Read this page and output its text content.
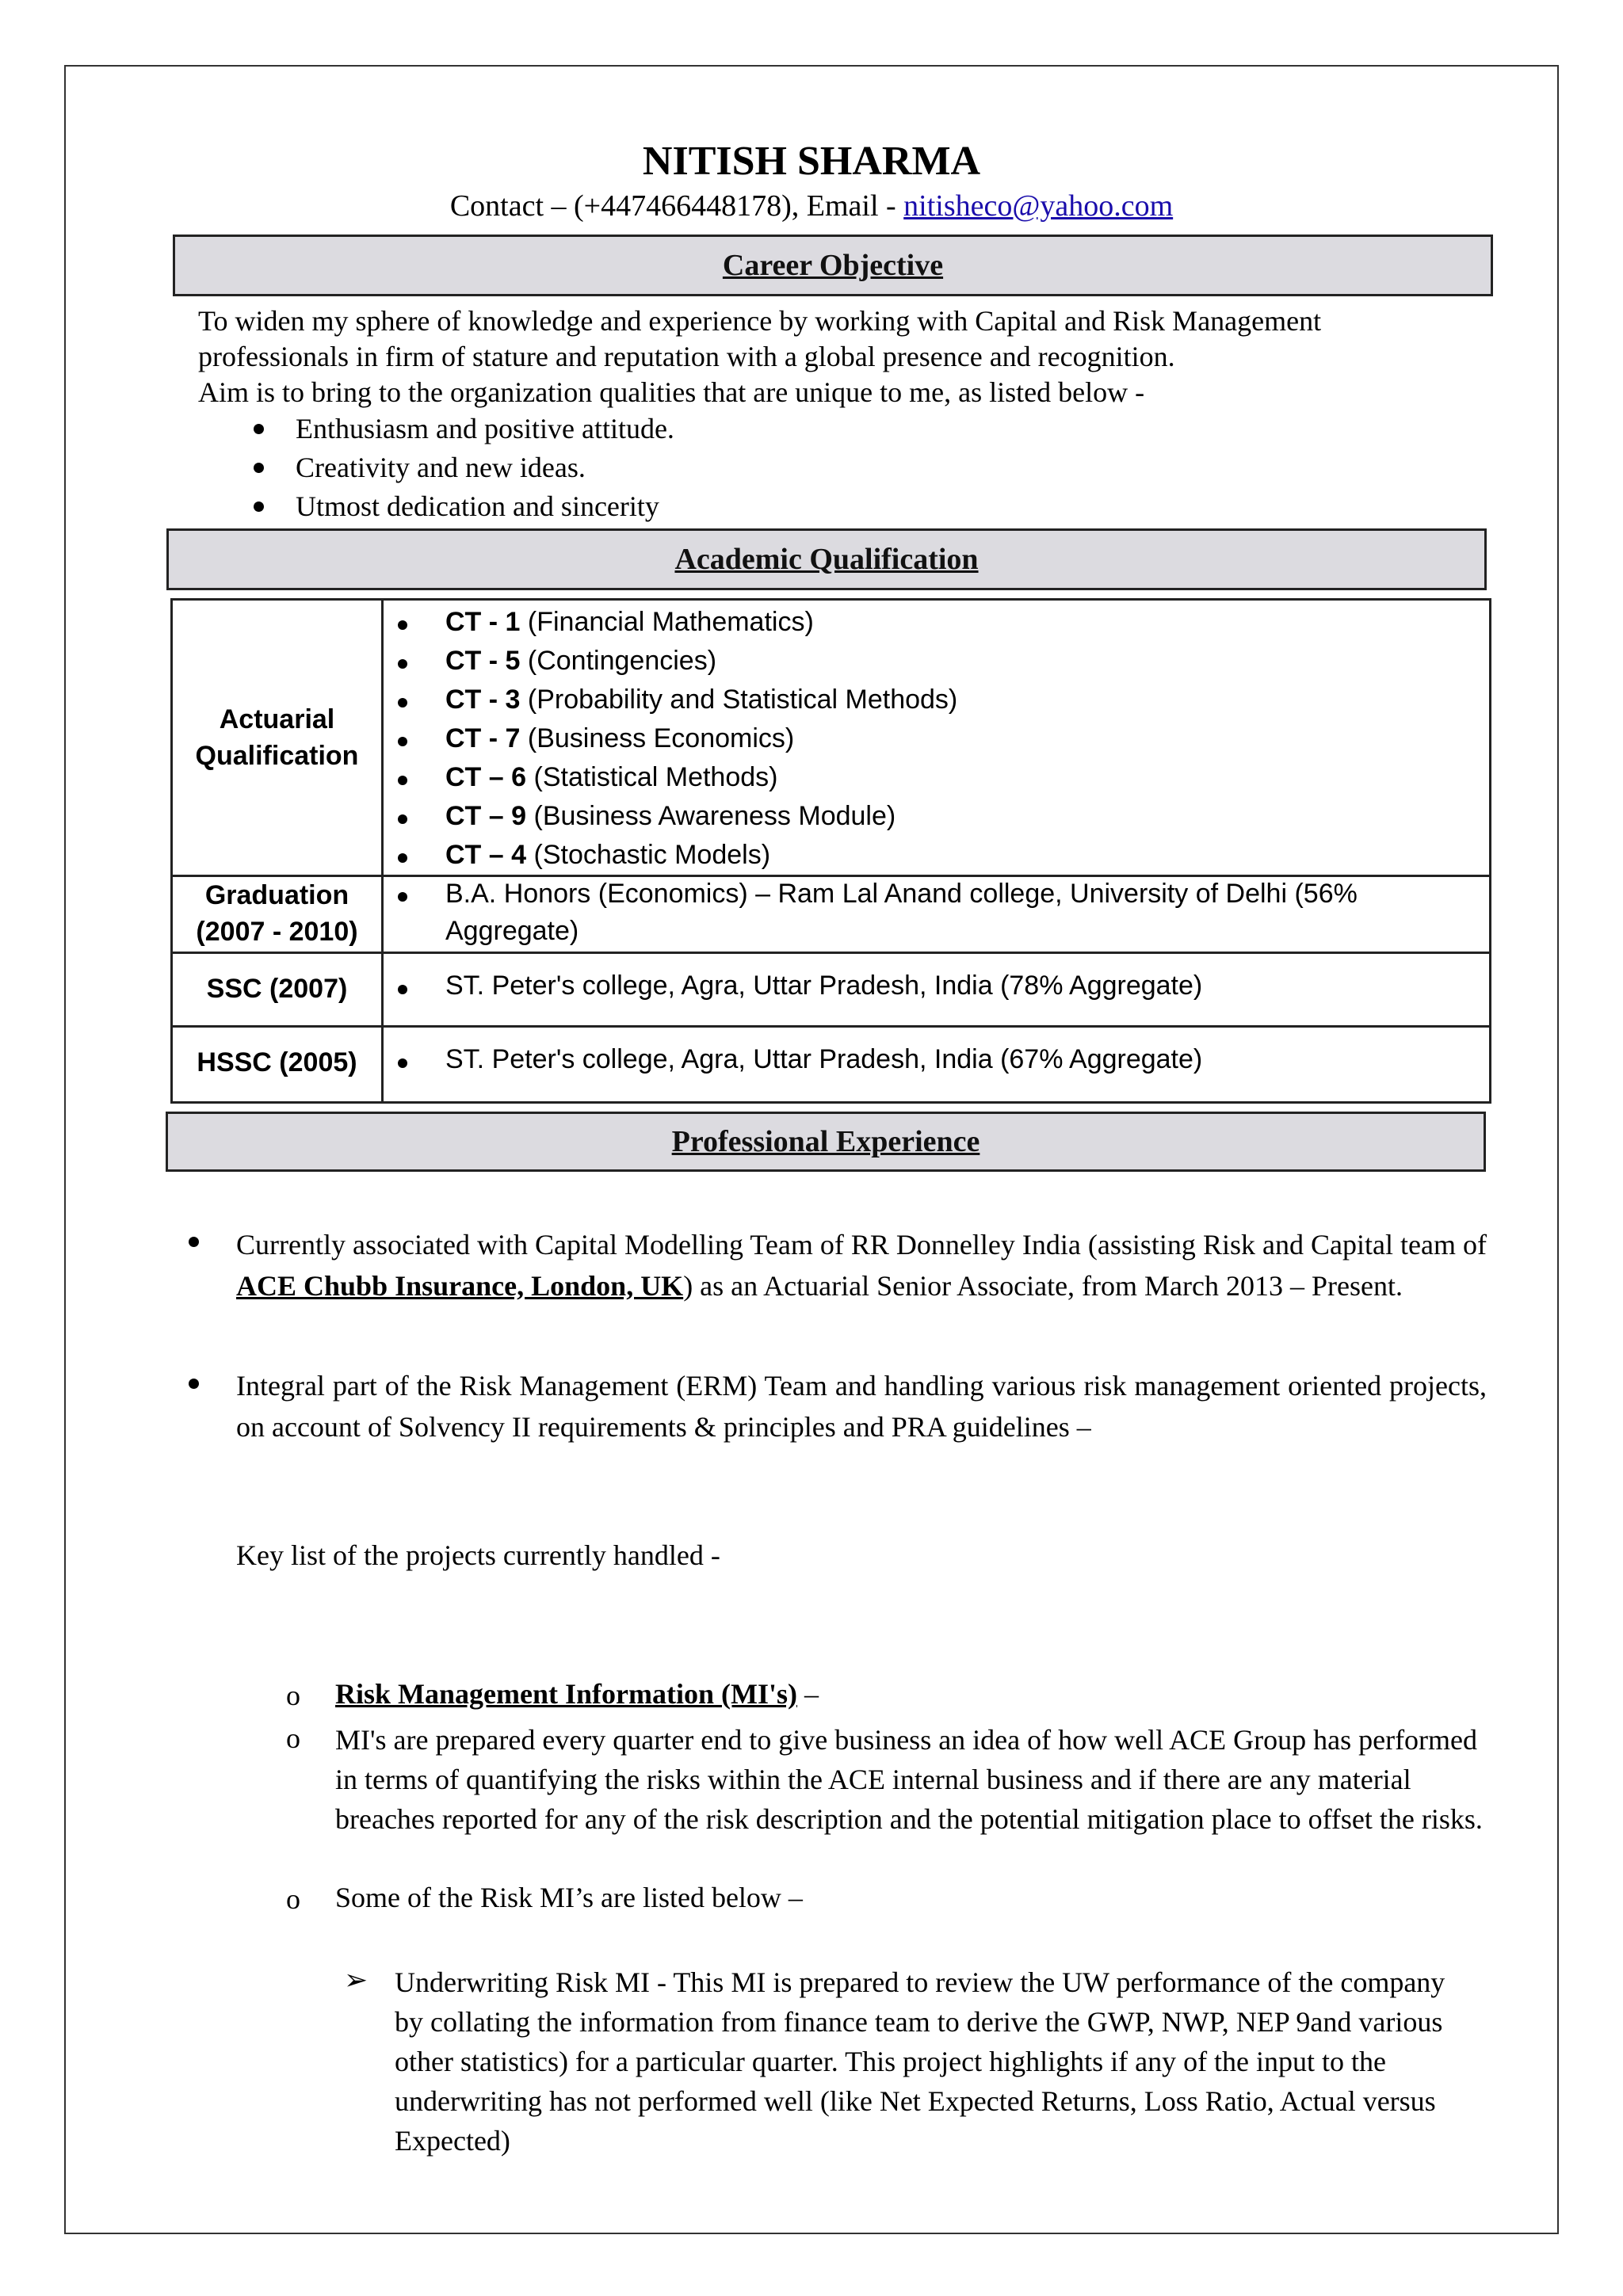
NITISH SHARMA
Contact – (+447466448178), Email - nitisheco@yahoo.com
Career Objective
To widen my sphere of knowledge and experience by working with Capital and Risk Management
professionals in firm of stature and reputation with a global presence and recognition.
Aim is to bring to the organization qualities that are unique to me, as listed below -
Enthusiasm and positive attitude.
Creativity and new ideas.
Utmost dedication and sincerity
Academic Qualification
Actuarial
Qualification
CT - 1 (Financial Mathematics)
CT - 5 (Contingencies)
CT - 3 (Probability and Statistical Methods)
CT - 7 (Business Economics)
CT – 6 (Statistical Methods)
CT – 9 (Business Awareness Module)
CT – 4 (Stochastic Models)
Graduation
(2007 - 2010)
B.A. Honors (Economics) – Ram Lal Anand college, University of Delhi (56%
Aggregate)
SSC (2007)	ST. Peter's college, Agra, Uttar Pradesh, India (78% Aggregate)
HSSC (2005)	ST. Peter's college, Agra, Uttar Pradesh, India (67% Aggregate)
Professional Experience
Currently associated with Capital Modelling Team of RR Donnelley India (assisting Risk and Capital team of ACE Chubb Insurance, London, UK) as an Actuarial Senior Associate, from March 2013 – Present.
Integral part of the Risk Management (ERM) Team and handling various risk management oriented projects, on account of Solvency II requirements & principles and PRA guidelines –
Key list of the projects currently handled -
o Risk Management Information (MI's) –
o MI's are prepared every quarter end to give business an idea of how well ACE Group has performed in terms of quantifying the risks within the ACE internal business and if there are any material breaches reported for any of the risk description and the potential mitigation place to offset the risks.
o Some of the Risk MI’s are listed below –
➢ Underwriting Risk MI - This MI is prepared to review the UW performance of the company by collating the information from finance team to derive the GWP, NWP, NEP 9and various other statistics) for a particular quarter. This project highlights if any of the input to the underwriting has not performed well (like Net Expected Returns, Loss Ratio, Actual versus Expected)
